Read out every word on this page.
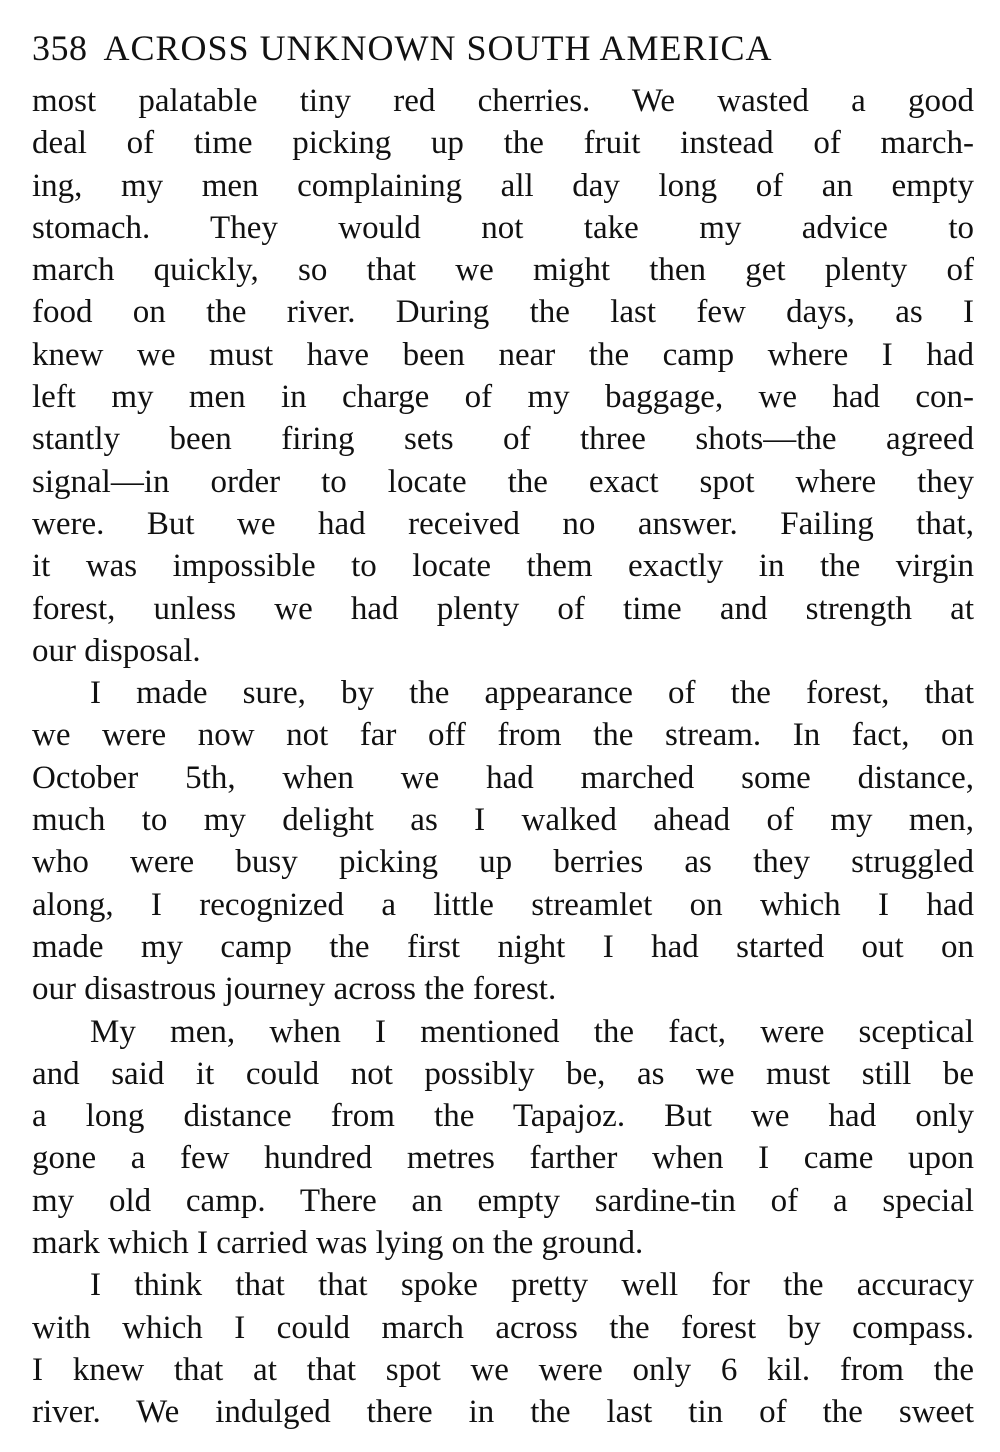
358 ACROSS UNKNOWN SOUTH AMERICA
most palatable tiny red cherries. We wasted a good
deal of time picking up the fruit instead of march-
ing, my men complaining all day long of an empty
stomach. They would not take my advice to
march quickly, so that we might then get plenty of
food on the river. During the last few days, as I
knew we must have been near the camp where I had
left my men in charge of my baggage, we had con-
stantly been firing sets of three shots—the agreed
signal—in order to locate the exact spot where they
were. But we had received no answer. Failing that,
it was impossible to locate them exactly in the virgin
forest, unless we had plenty of time and strength at
our disposal.
I made sure, by the appearance of the forest, that
we were now not far off from the stream. In fact, on
October 5th, when we had marched some distance,
much to my delight as I walked ahead of my men,
who were busy picking up berries as they struggled
along, I recognized a little streamlet on which I had
made my camp the first night I had started out on
our disastrous journey across the forest.
My men, when I mentioned the fact, were sceptical
and said it could not possibly be, as we must still be
a long distance from the Tapajoz. But we had only
gone a few hundred metres farther when I came upon
my old camp. There an empty sardine-tin of a special
mark which I carried was lying on the ground.
I think that that spoke pretty well for the accuracy
with which I could march across the forest by compass.
I knew that at that spot we were only 6 kil. from the
river. We indulged there in the last tin of the sweet
